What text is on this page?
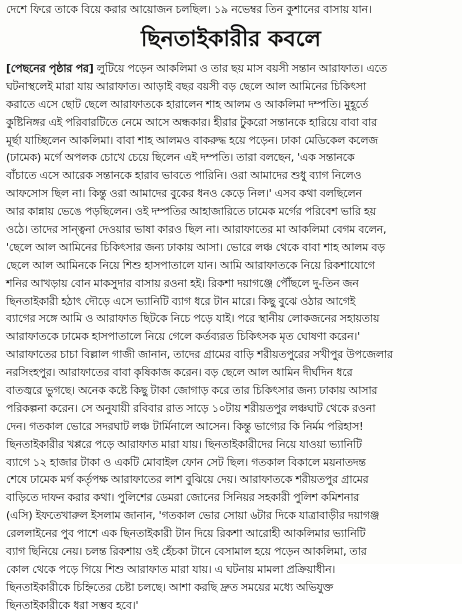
দেশে ফিরে তাকে বিয়ে করার আয়োজন চলছিল। ১৯ নভেম্বর তিন কুশানের বাসায় যান।
ছিনতাইকারীর কবলে
[পেছনের পৃষ্ঠার পর] লুটিয়ে পড়েন আকলিমা ও তার ছয় মাস বয়সী সন্তান আরাফাত। এতে
ঘটনাস্থলেই মারা যায় আরাফাত। আড়াই বছর বয়সী বড় ছেলে আল আমিনের চিকিৎসা
করাতে এসে ছোট ছেলে আরাফাতকে হারালেন শাহ আলম ও আকলিমা দম্পতি। মুহূর্তে
কুষ্টিনিঙ্গর এই পরিবারটিতে নেমে আসে অন্ধকার। হীরার টুকরো সন্তানকে হারিয়ে বাবা বার
মূর্ছা যাচ্ছিলেন আকলিমা। বাবা শাহ আলমও বাকরুদ্ধ হয়ে পড়েন। ঢাকা মেডিকেল কলেজ
(ঢামেক) মর্গে অপলক চোখে চেয়ে ছিলেন এই দম্পতি। তারা বলছেন, 'এক সন্তানকে
বাঁচাতে এসে আরেক সন্তানকে হারাব ভাবতে পারিনি। ওরা আমাদের শুধু ব্যাগ নিলেও
আফসোস ছিল না। কিন্তু ওরা আমাদের বুকের ধনও কেড়ে নিল।' এসব কথা বলছিলেন
আর কান্নায় ভেঙে পড়ছিলেন। ওই দম্পতির আহাজারিতে ঢামেক মর্গের পরিবেশ ভারি হয়
ওঠে। তাদের সান্ত্বনা দেওয়ার ভাষা কারও ছিল না। আরাফাতের মা আকলিমা বেগম বলেন,
'ছেলে আল আমিনের চিকিৎসার জন্য ঢাকায় আসা। ভোরে লঞ্চ থেকে বাবা শাহ আলম বড়
ছেলে আল আমিনকে নিয়ে শিশু হাসপাতালে যান। আমি আরাফাতকে নিয়ে রিকশাযোগে
শনির আখড়ায় বোন মাকসুদার বাসায় রওনা হই। রিকশা দয়াগঞ্জে পৌঁছলে দু-তিন জন
ছিনতাইকারী হঠাৎ দৌড়ে এসে ভ্যানিটি ব্যাগ ধরে টান মারে। কিছু বুঝে ওঠার আগেই
ব্যাগের সঙ্গে আমি ও আরাফাত ছিটকে নিচে পড়ে যাই। পরে স্থানীয় লোকজনের সহায়তায়
আরাফাতকে ঢামেক হাসপাতালে নিয়ে গেলে কর্তব্যরত চিকিৎসক মৃত ঘোষণা করেন।'
আরাফাতের চাচা বিল্লাল গাজী জানান, তাদের গ্রামের বাড়ি শরীয়তপুরের সখীপুর উপজেলার
নরসিংহপুর। আরাফাতের বাবা কৃষিকাজ করেন। বড় ছেলে আল আমিন দীর্ঘদিন ধরে
বাতজ্বরে ভুগছে। অনেক কষ্টে কিছু টাকা জোগাড় করে তার চিকিৎসার জন্য ঢাকায় আসার
পরিকল্পনা করেন। সে অনুযায়ী রবিবার রাত সাড়ে ১০টায় শরীয়তপুর লঞ্চঘাট থেকে রওনা
দেন। গতকাল ভোরে সদরঘাট লঞ্চ টার্মিনালে আসেন। কিন্তু ভাগ্যের কি নির্মম পরিহাস!
ছিনতাইকারীর খপ্পরে পড়ে আরাফাত মারা যায়। ছিনতাইকারীদের নিয়ে যাওয়া ভ্যানিটি
ব্যাগে ১২ হাজার টাকা ও একটি মোবাইল ফোন সেট ছিল। গতকাল বিকালে ময়নাতদন্ত
শেষে ঢামেক মর্গ কর্তৃপক্ষ আরাফাতের লাশ বুঝিয়ে দেয়। আরাফাতকে শরীয়তপুর গ্রামের
বাড়িতে দাফন করার কথা। পুলিশের ডেমরা জোনের সিনিয়র সহকারী পুলিশ কমিশনার
(এসি) ইফতেখারুল ইসলাম জানান, 'গতকাল ভোর সোয়া ৬টার দিকে যাত্রাবাড়ীর দয়াগঞ্জ
রেললাইনের পুব পাশে এক ছিনতাইকারী টান দিয়ে রিকশা আরোহী আকলিমার ভ্যানিটি
ব্যাগ ছিনিয়ে নেয়। চলন্ত রিকশায় ওই হেঁচকা টানে বেসামাল হয়ে পড়েন আকলিমা, তার
কোল থেকে পড়ে গিয়ে শিশু আরাফাত মারা যায়। এ ঘটনায় মামলা প্রক্রিয়াধীন।
ছিনতাইকারীকে চিহ্নিতের চেষ্টা চলছে। আশা করছি দ্রুত সময়ের মধ্যে অভিযুক্ত
ছিনতাইকারীকে ধরা সম্ভব হবে।'
